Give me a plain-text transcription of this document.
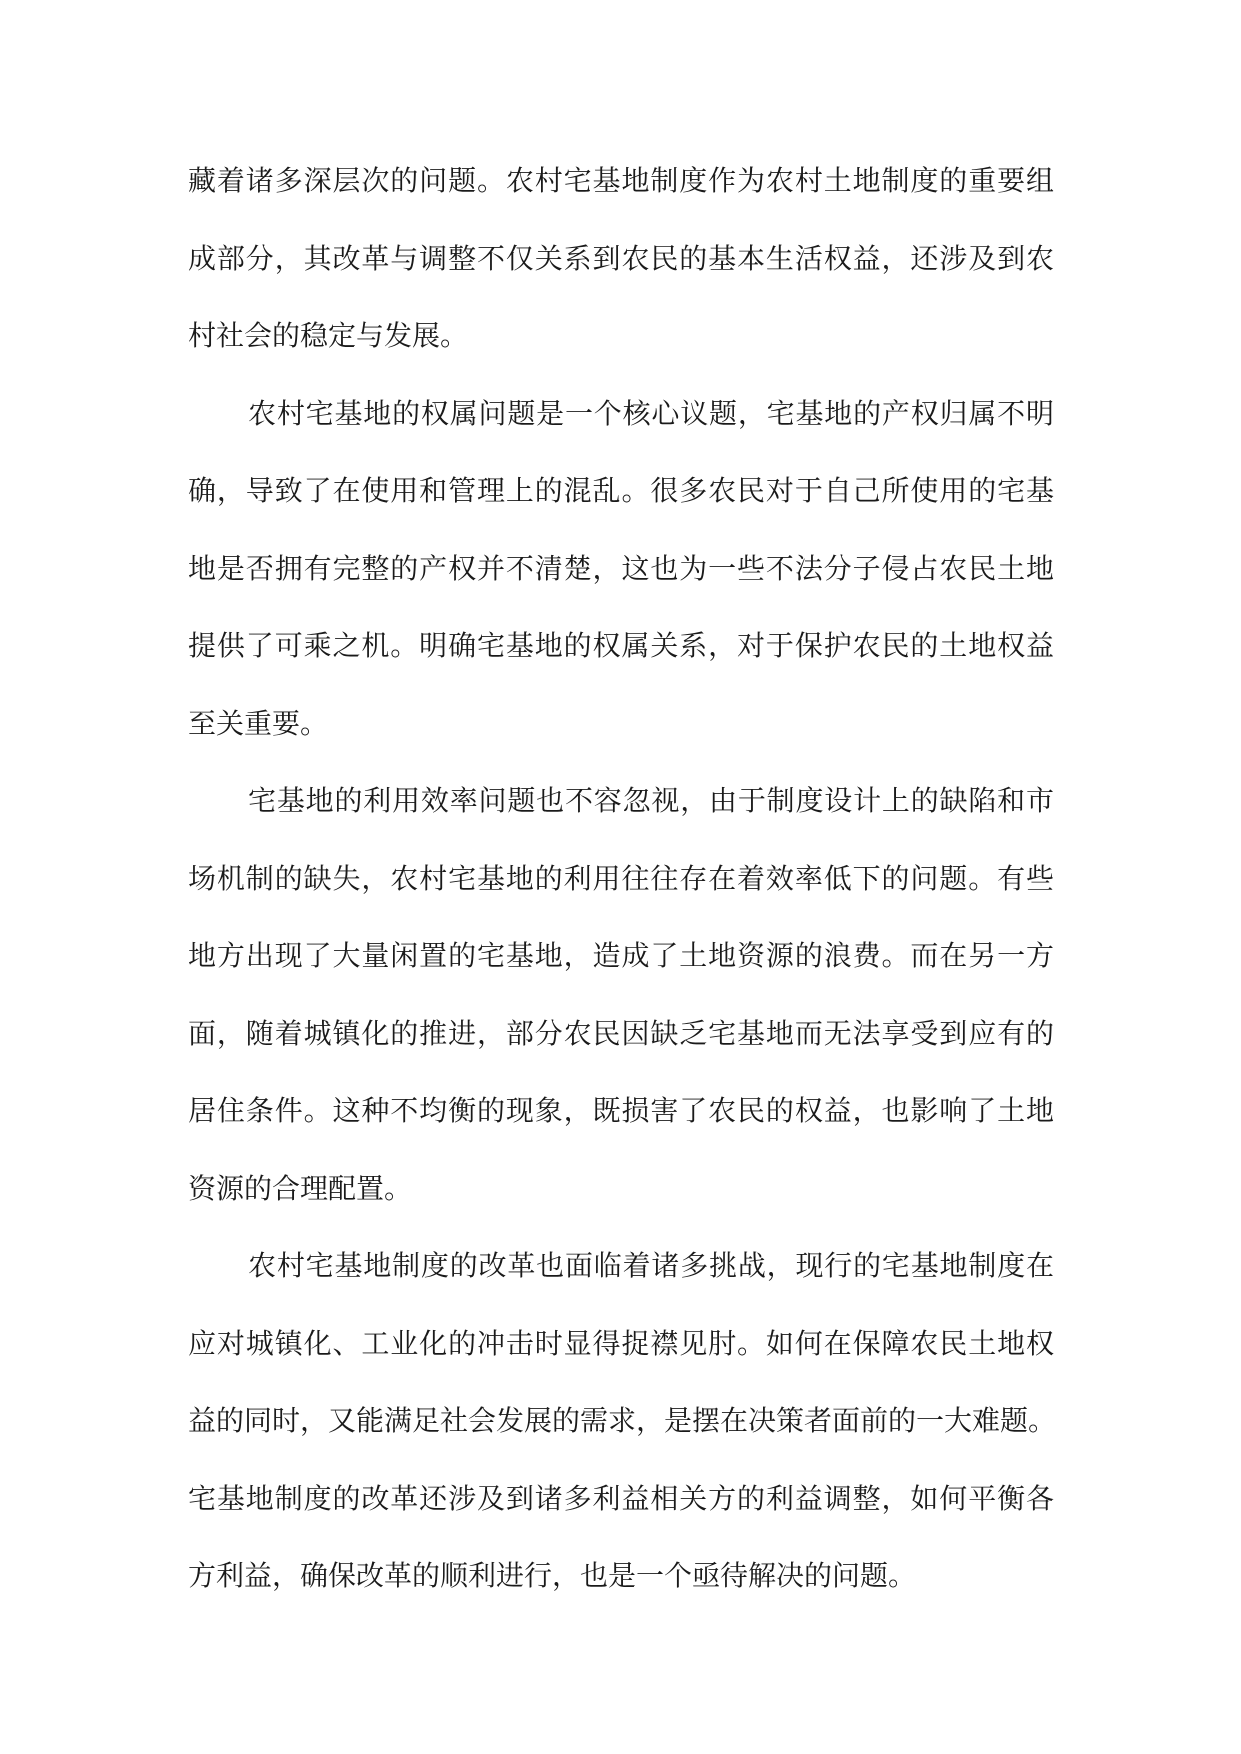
藏着诸多深层次的问题。农村宅基地制度作为农村土地制度的重要组
成部分，其改革与调整不仅关系到农民的基本生活权益，还涉及到农
村社会的稳定与发展。
农村宅基地的权属问题是一个核心议题，宅基地的产权归属不明
确，导致了在使用和管理上的混乱。很多农民对于自己所使用的宅基
地是否拥有完整的产权并不清楚，这也为一些不法分子侵占农民土地
提供了可乘之机。明确宅基地的权属关系，对于保护农民的土地权益
至关重要。
宅基地的利用效率问题也不容忽视，由于制度设计上的缺陷和市
场机制的缺失，农村宅基地的利用往往存在着效率低下的问题。有些
地方出现了大量闲置的宅基地，造成了土地资源的浪费。而在另一方
面，随着城镇化的推进，部分农民因缺乏宅基地而无法享受到应有的
居住条件。这种不均衡的现象，既损害了农民的权益，也影响了土地
资源的合理配置。
农村宅基地制度的改革也面临着诸多挑战，现行的宅基地制度在
应对城镇化、工业化的冲击时显得捉襟见肘。如何在保障农民土地权
益的同时，又能满足社会发展的需求，是摆在决策者面前的一大难题。
宅基地制度的改革还涉及到诸多利益相关方的利益调整，如何平衡各
方利益，确保改革的顺利进行，也是一个亟待解决的问题。
